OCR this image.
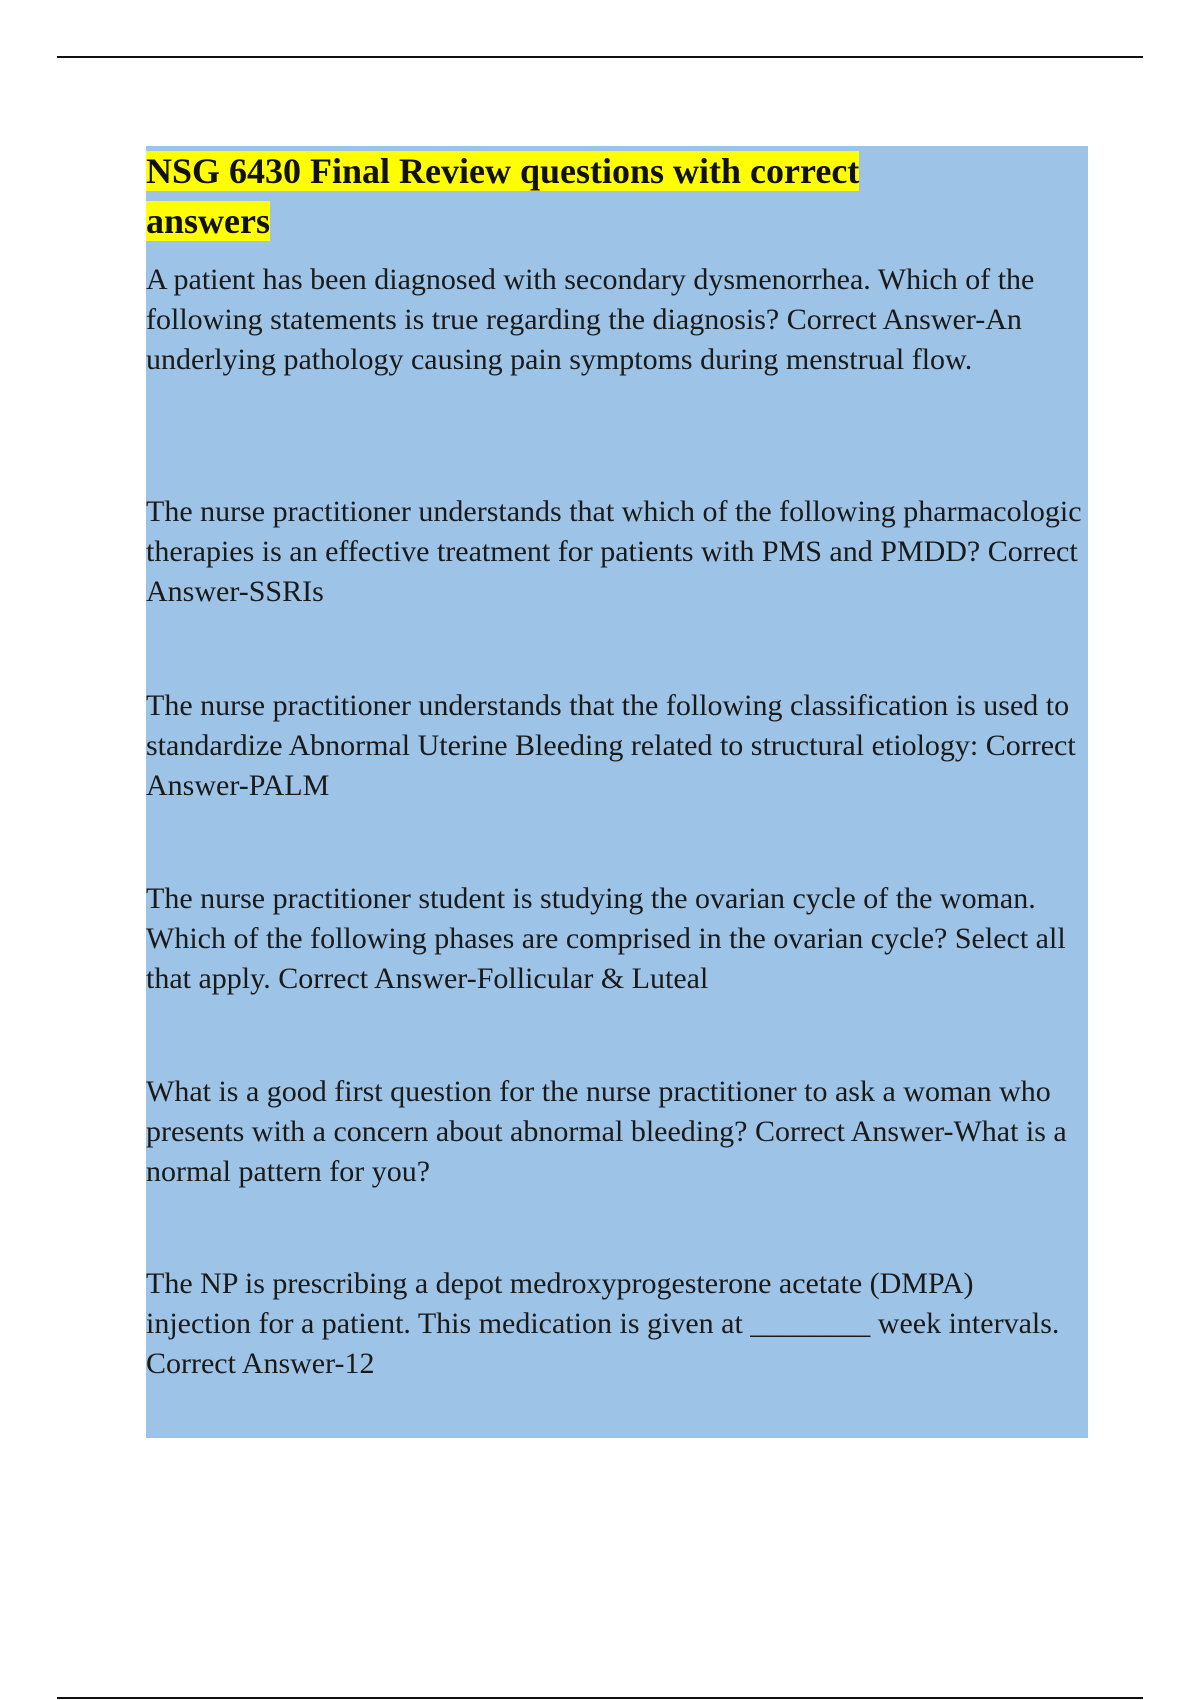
NSG 6430 Final Review questions with correct answers

A patient has been diagnosed with secondary dysmenorrhea. Which of the following statements is true regarding the diagnosis? Correct Answer-An underlying pathology causing pain symptoms during menstrual flow.

The nurse practitioner understands that which of the following pharmacologic therapies is an effective treatment for patients with PMS and PMDD? Correct Answer-SSRIs

The nurse practitioner understands that the following classification is used to standardize Abnormal Uterine Bleeding related to structural etiology: Correct Answer-PALM

The nurse practitioner student is studying the ovarian cycle of the woman. Which of the following phases are comprised in the ovarian cycle? Select all that apply. Correct Answer-Follicular & Luteal

What is a good first question for the nurse practitioner to ask a woman who presents with a concern about abnormal bleeding? Correct Answer-What is a normal pattern for you?

The NP is prescribing a depot medroxyprogesterone acetate (DMPA) injection for a patient. This medication is given at ________ week intervals. Correct Answer-12
